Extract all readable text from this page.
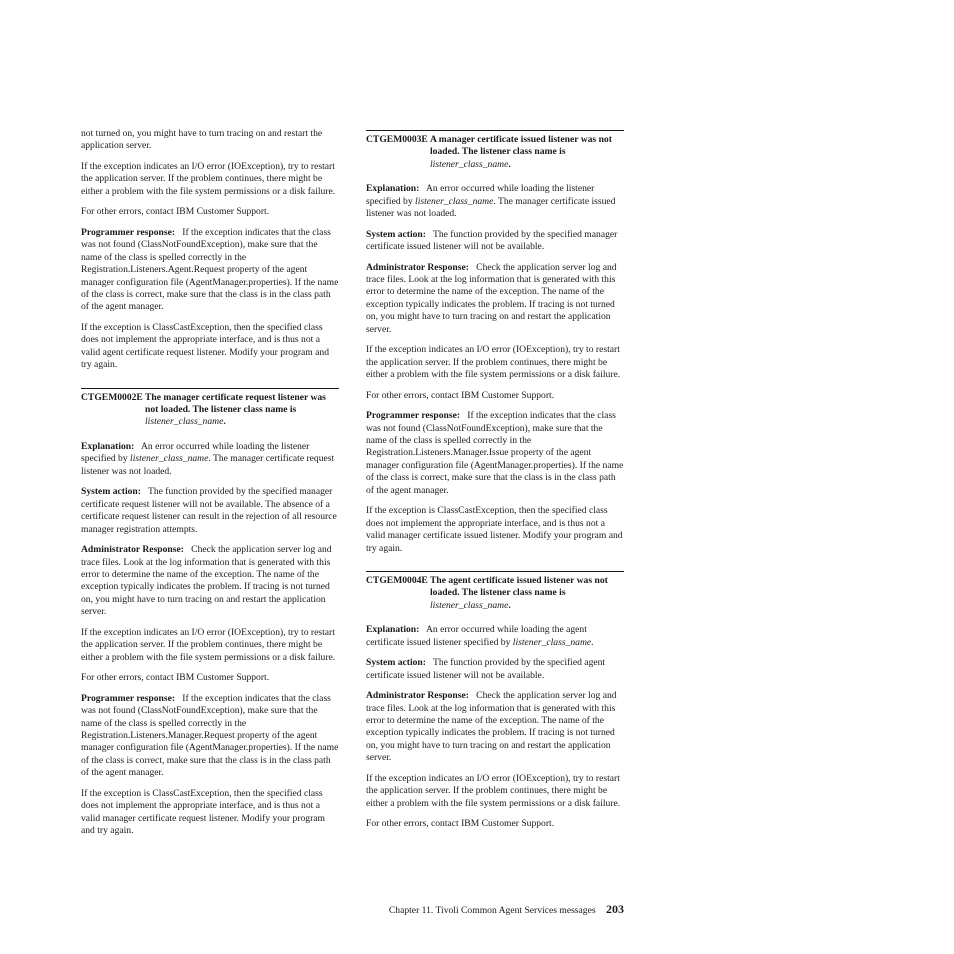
not turned on, you might have to turn tracing on and restart the application server.

If the exception indicates an I/O error (IOException), try to restart the application server. If the problem continues, there might be either a problem with the file system permissions or a disk failure.

For other errors, contact IBM Customer Support.

Programmer response: If the exception indicates that the class was not found (ClassNotFoundException), make sure that the name of the class is spelled correctly in the Registration.Listeners.Agent.Request property of the agent manager configuration file (AgentManager.properties). If the name of the class is correct, make sure that the class is in the class path of the agent manager.

If the exception is ClassCastException, then the specified class does not implement the appropriate interface, and is thus not a valid agent certificate request listener. Modify your program and try again.

CTGEM0002E The manager certificate request listener was not loaded. The listener class name is listener_class_name.

Explanation: An error occurred while loading the listener specified by listener_class_name. The manager certificate request listener was not loaded.

System action: The function provided by the specified manager certificate request listener will not be available. The absence of a certificate request listener can result in the rejection of all resource manager registration attempts.

Administrator Response: Check the application server log and trace files. Look at the log information that is generated with this error to determine the name of the exception. The name of the exception typically indicates the problem. If tracing is not turned on, you might have to turn tracing on and restart the application server.

If the exception indicates an I/O error (IOException), try to restart the application server. If the problem continues, there might be either a problem with the file system permissions or a disk failure.

For other errors, contact IBM Customer Support.

Programmer response: If the exception indicates that the class was not found (ClassNotFoundException), make sure that the name of the class is spelled correctly in the Registration.Listeners.Manager.Request property of the agent manager configuration file (AgentManager.properties). If the name of the class is correct, make sure that the class is in the class path of the agent manager.

If the exception is ClassCastException, then the specified class does not implement the appropriate interface, and is thus not a valid manager certificate request listener. Modify your program and try again.

CTGEM0003E A manager certificate issued listener was not loaded. The listener class name is listener_class_name.

Explanation: An error occurred while loading the listener specified by listener_class_name. The manager certificate issued listener was not loaded.

System action: The function provided by the specified manager certificate issued listener will not be available.

Administrator Response: Check the application server log and trace files. Look at the log information that is generated with this error to determine the name of the exception. The name of the exception typically indicates the problem. If tracing is not turned on, you might have to turn tracing on and restart the application server.

If the exception indicates an I/O error (IOException), try to restart the application server. If the problem continues, there might be either a problem with the file system permissions or a disk failure.

For other errors, contact IBM Customer Support.

Programmer response: If the exception indicates that the class was not found (ClassNotFoundException), make sure that the name of the class is spelled correctly in the Registration.Listeners.Manager.Issue property of the agent manager configuration file (AgentManager.properties). If the name of the class is correct, make sure that the class is in the class path of the agent manager.

If the exception is ClassCastException, then the specified class does not implement the appropriate interface, and is thus not a valid manager certificate issued listener. Modify your program and try again.

CTGEM0004E The agent certificate issued listener was not loaded. The listener class name is listener_class_name.

Explanation: An error occurred while loading the agent certificate issued listener specified by listener_class_name.

System action: The function provided by the specified agent certificate issued listener will not be available.

Administrator Response: Check the application server log and trace files. Look at the log information that is generated with this error to determine the name of the exception. The name of the exception typically indicates the problem. If tracing is not turned on, you might have to turn tracing on and restart the application server.

If the exception indicates an I/O error (IOException), try to restart the application server. If the problem continues, there might be either a problem with the file system permissions or a disk failure.

For other errors, contact IBM Customer Support.

Chapter 11. Tivoli Common Agent Services messages 203
